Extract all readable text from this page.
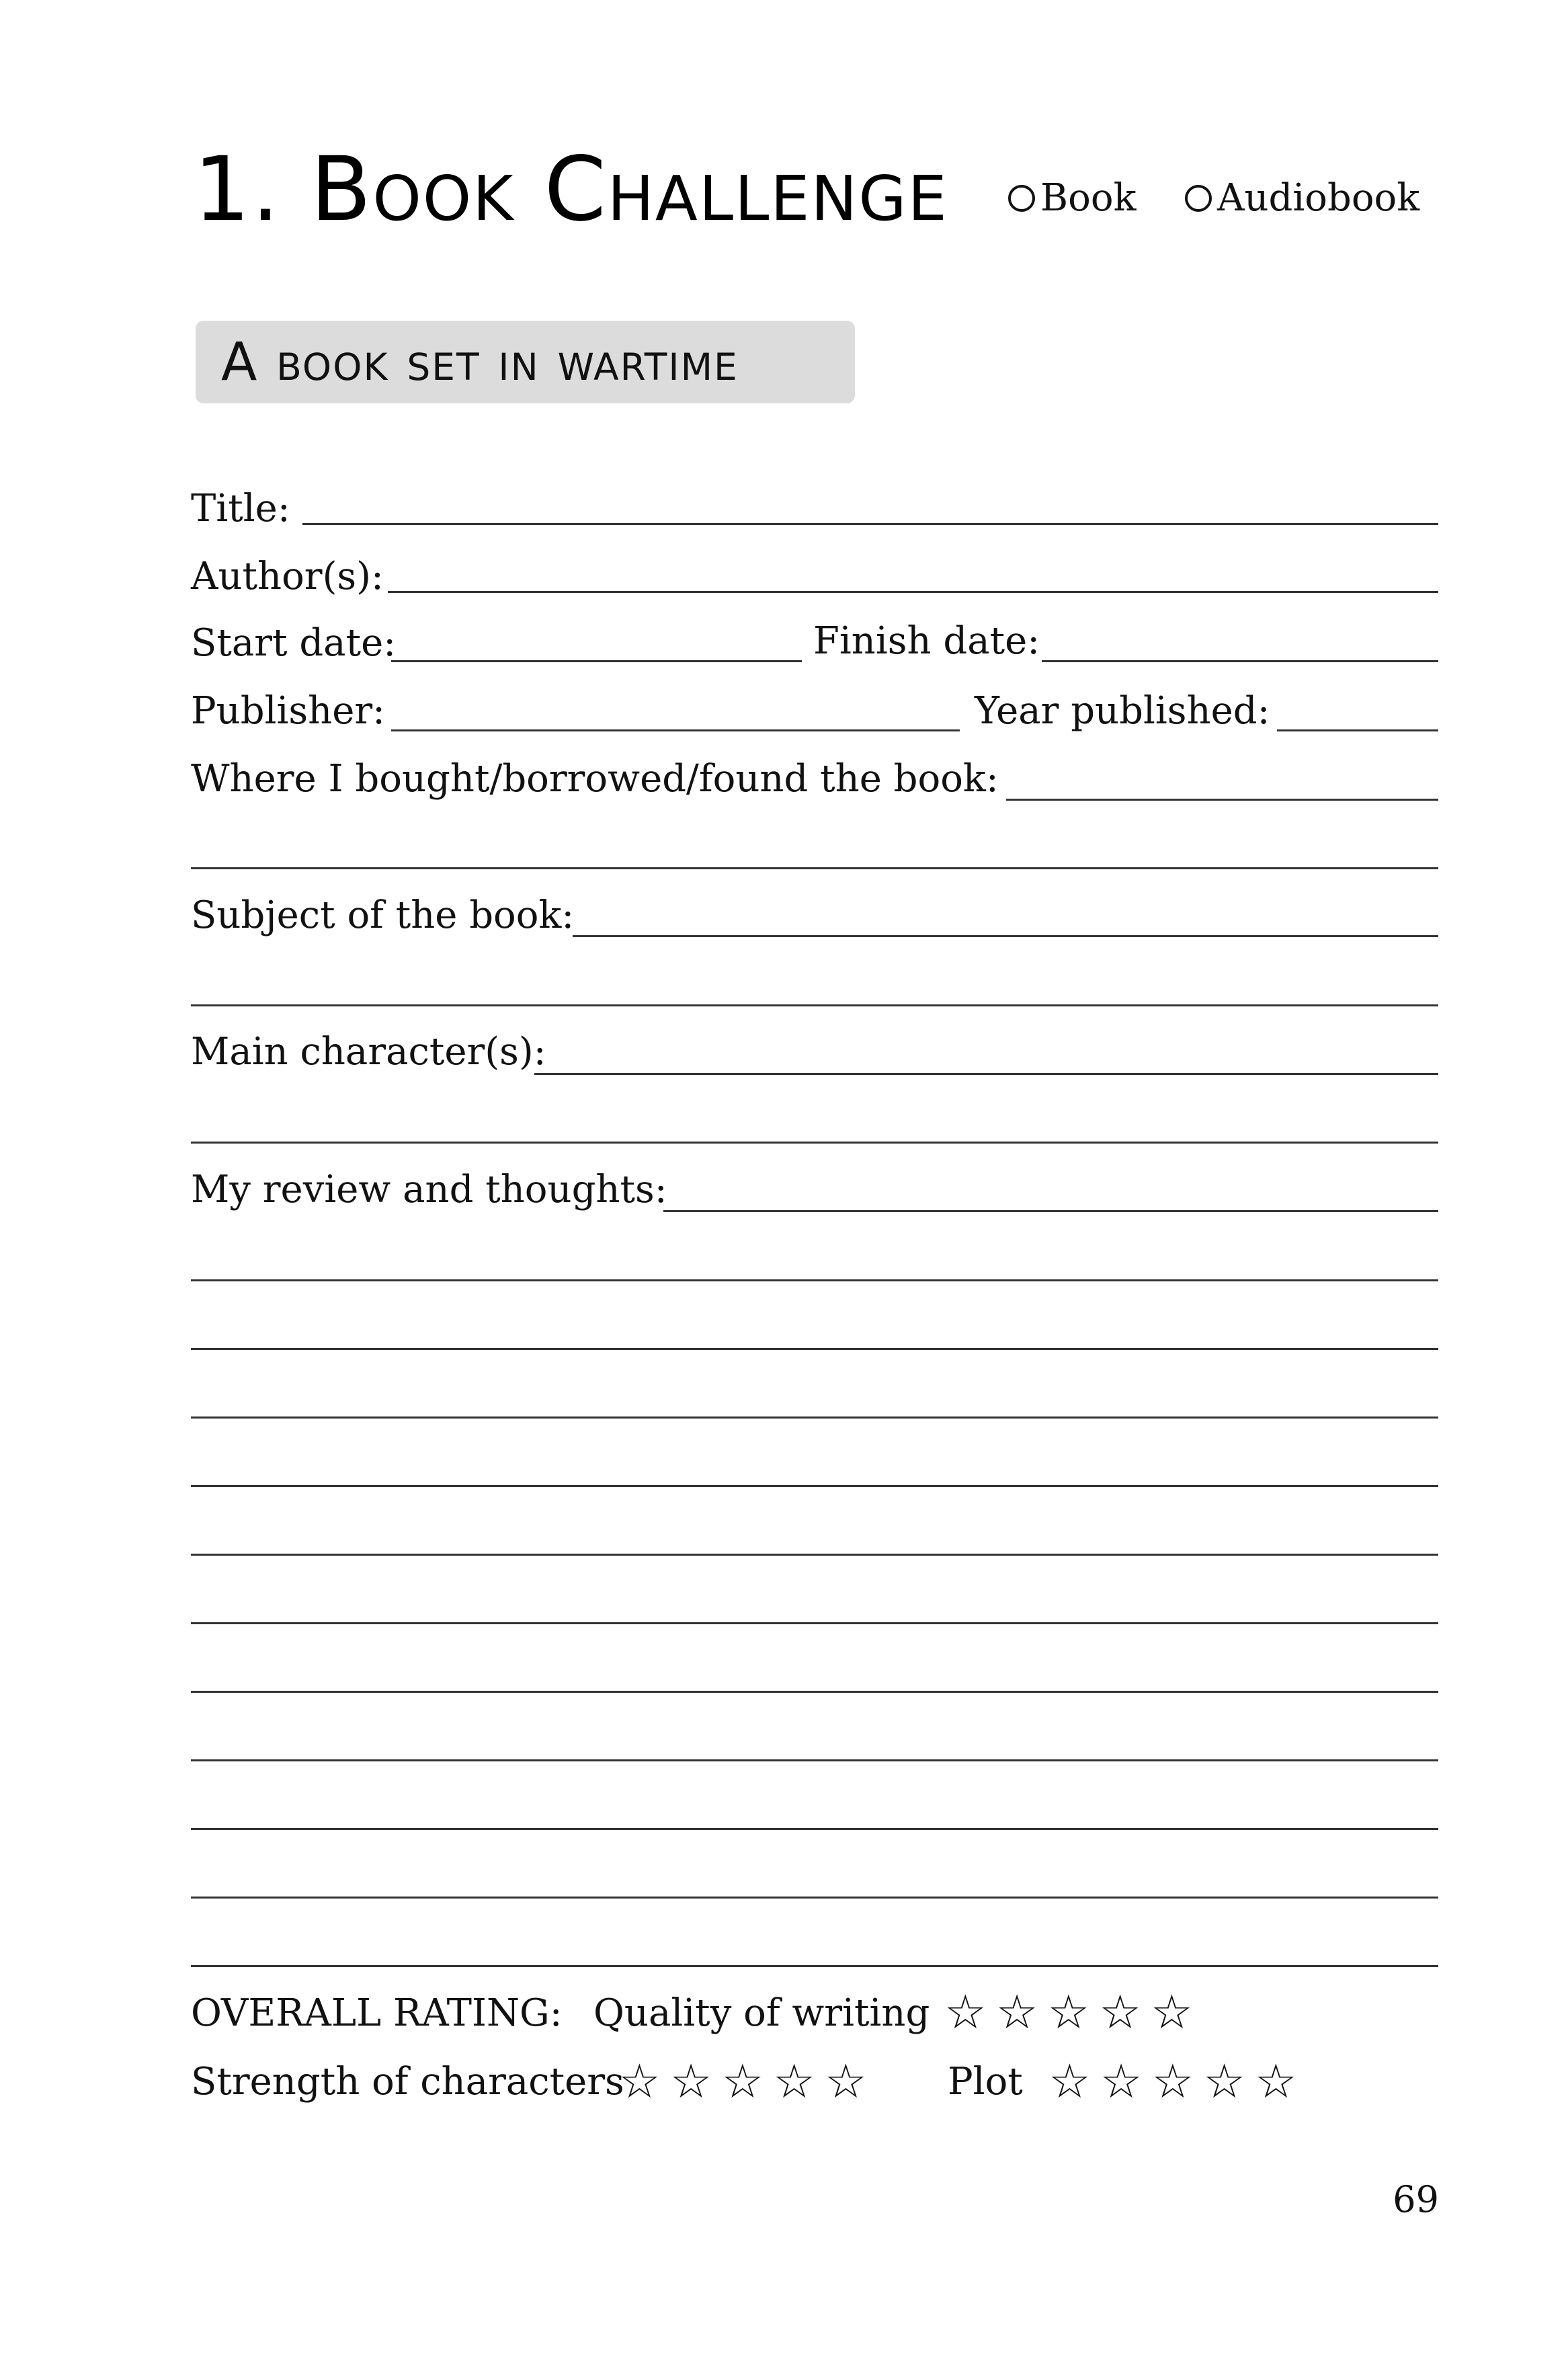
1. Book Challenge Book Audiobook
A book set in wartime
Title:
Author(s):
Start date:	Finish date:
Publisher:	Year published:
Where I bought/borrowed/found the book:
Subject of the book:
Main character(s):
My review and thoughts:
OVERALL RATING: Quality of writing ☆☆☆☆☆
Strength of characters
☆☆☆☆☆ Plot ☆☆☆☆☆
69
